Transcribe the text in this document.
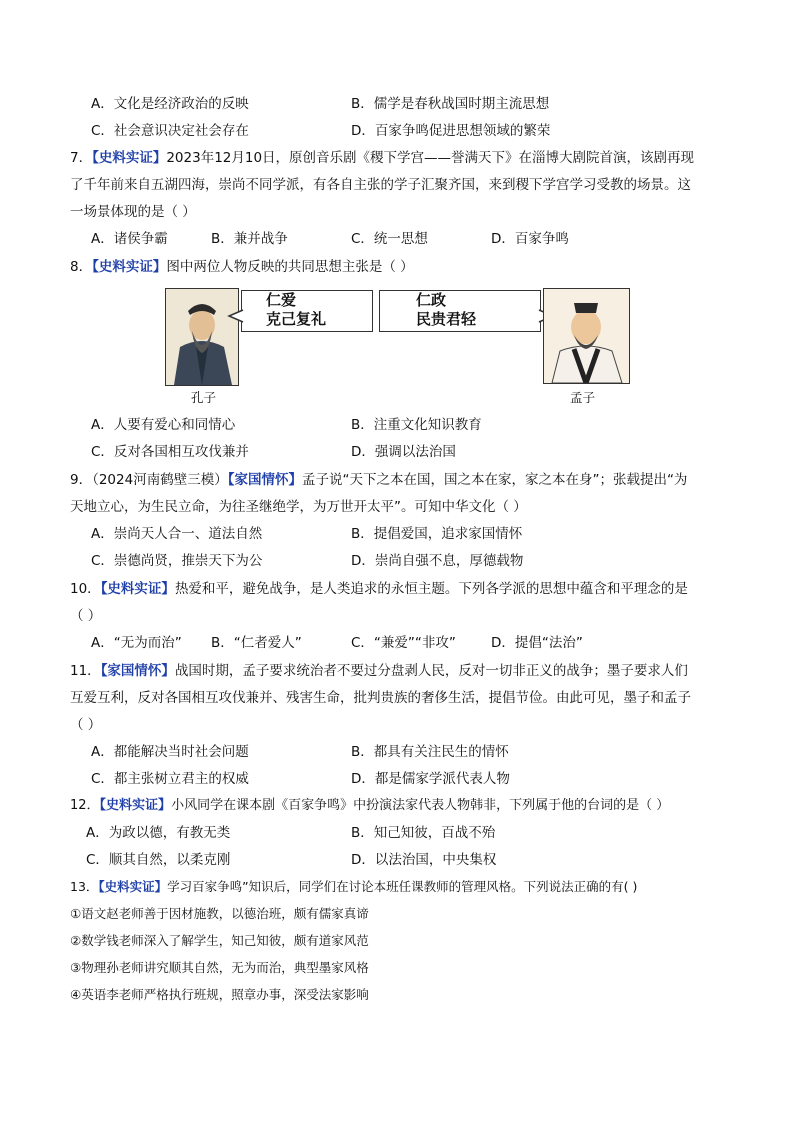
A．文化是经济政治的反映	B．儒学是春秋战国时期主流思想
C．社会意识决定社会存在	D．百家争鸣促进思想领域的繁荣
7．【史料实证】2023年12月10日，原创音乐剧《稷下学宫——誉满天下》在淄博大剧院首演，该剧再现
了千年前来自五湖四海，崇尚不同学派，有各自主张的学子汇聚齐国，来到稷下学宫学习受教的场景。这
一场景体现的是（ ）
A．诸侯争霸	B．兼并战争	C．统一思想	D．百家争鸣
8．【史料实证】图中两位人物反映的共同思想主张是（ ）
仁爱
克己复礼
仁政
民贵君轻
孔子	孟子
A．人要有爱心和同情心	B．注重文化知识教育
C．反对各国相互攻伐兼并	D．强调以法治国
9．（2024河南鹤壁三模）【家国情怀】孟子说“天下之本在国，国之本在家，家之本在身”；张载提出“为
天地立心，为生民立命，为往圣继绝学，为万世开太平”。可知中华文化（ ）
A．崇尚天人合一、道法自然	B．提倡爱国，追求家国情怀
C．崇德尚贤，推崇天下为公	D．崇尚自强不息，厚德载物
10．【史料实证】热爱和平，避免战争，是人类追求的永恒主题。下列各学派的思想中蕴含和平理念的是
（ ）
A．“无为而治” B．“仁者爱人”	C．“兼爱”“非攻”	D．提倡“法治”
11．【家国情怀】战国时期，孟子要求统治者不要过分盘剥人民，反对一切非正义的战争；墨子要求人们
互爱互利，反对各国相互攻伐兼并、残害生命，批判贵族的奢侈生活，提倡节俭。由此可见，墨子和孟子
（ ）
A．都能解决当时社会问题	B．都具有关注民生的情怀
C．都主张树立君主的权威	D．都是儒家学派代表人物
12．【史料实证】小风同学在课本剧《百家争鸣》中扮演法家代表人物韩非，下列属于他的台词的是（ ）
A．为政以德，有教无类	B．知己知彼，百战不殆
C．顺其自然，以柔克刚	D．以法治国，中央集权
13．【史料实证】学习百家争鸣”知识后，同学们在讨论本班任课教师的管理风格。下列说法正确的有( )
①语文赵老师善于因材施教，以德治班，颇有儒家真谛
②数学钱老师深入了解学生，知己知彼，颇有道家风范
③物理孙老师讲究顺其自然，无为而治，典型墨家风格
④英语李老师严格执行班规，照章办事，深受法家影响
